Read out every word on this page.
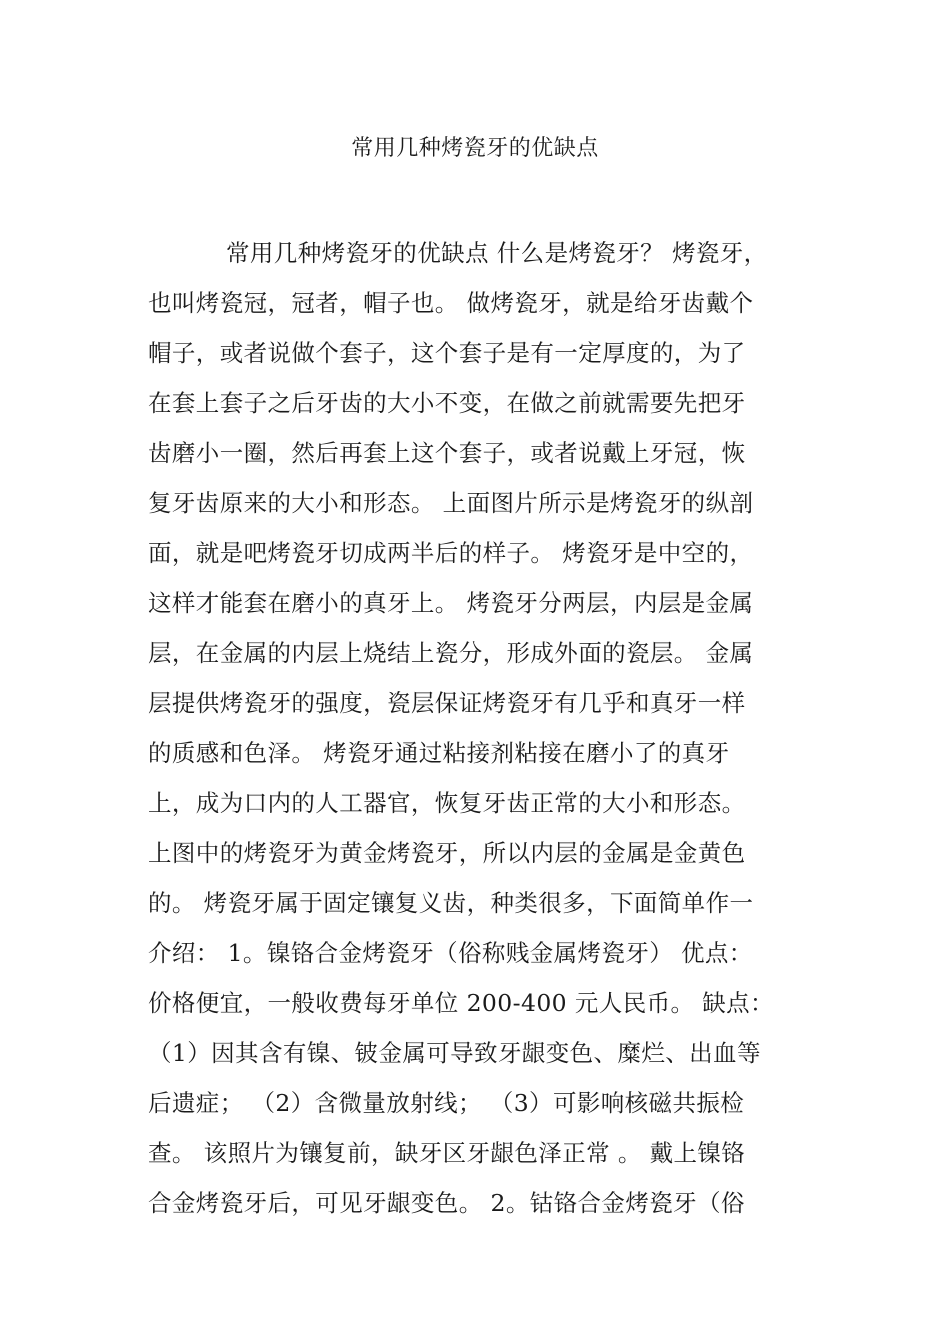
常用几种烤瓷牙的优缺点
常用几种烤瓷牙的优缺点 什么是烤瓷牙？ 烤瓷牙，
也叫烤瓷冠，冠者，帽子也。 做烤瓷牙，就是给牙齿戴个
帽子，或者说做个套子，这个套子是有一定厚度的，为了
在套上套子之后牙齿的大小不变，在做之前就需要先把牙
齿磨小一圈，然后再套上这个套子，或者说戴上牙冠，恢
复牙齿原来的大小和形态。 上面图片所示是烤瓷牙的纵剖
面，就是吧烤瓷牙切成两半后的样子。 烤瓷牙是中空的，
这样才能套在磨小的真牙上。 烤瓷牙分两层，内层是金属
层，在金属的内层上烧结上瓷分，形成外面的瓷层。 金属
层提供烤瓷牙的强度，瓷层保证烤瓷牙有几乎和真牙一样
的质感和色泽。 烤瓷牙通过粘接剂粘接在磨小了的真牙
上，成为口内的人工器官，恢复牙齿正常的大小和形态。
上图中的烤瓷牙为黄金烤瓷牙，所以内层的金属是金黄色
的。 烤瓷牙属于固定镶复义齿，种类很多，下面简单作一
介绍： 1。镍铬合金烤瓷牙（俗称贱金属烤瓷牙） 优点：
价格便宜，一般收费每牙单位 200-400 元人民币。 缺点：
（1）因其含有镍、铍金属可导致牙龈变色、糜烂、出血等
后遗症； （2）含微量放射线； （3）可影响核磁共振检
查。 该照片为镶复前，缺牙区牙龈色泽正常 。 戴上镍铬
合金烤瓷牙后，可见牙龈变色。 2。钴铬合金烤瓷牙（俗
